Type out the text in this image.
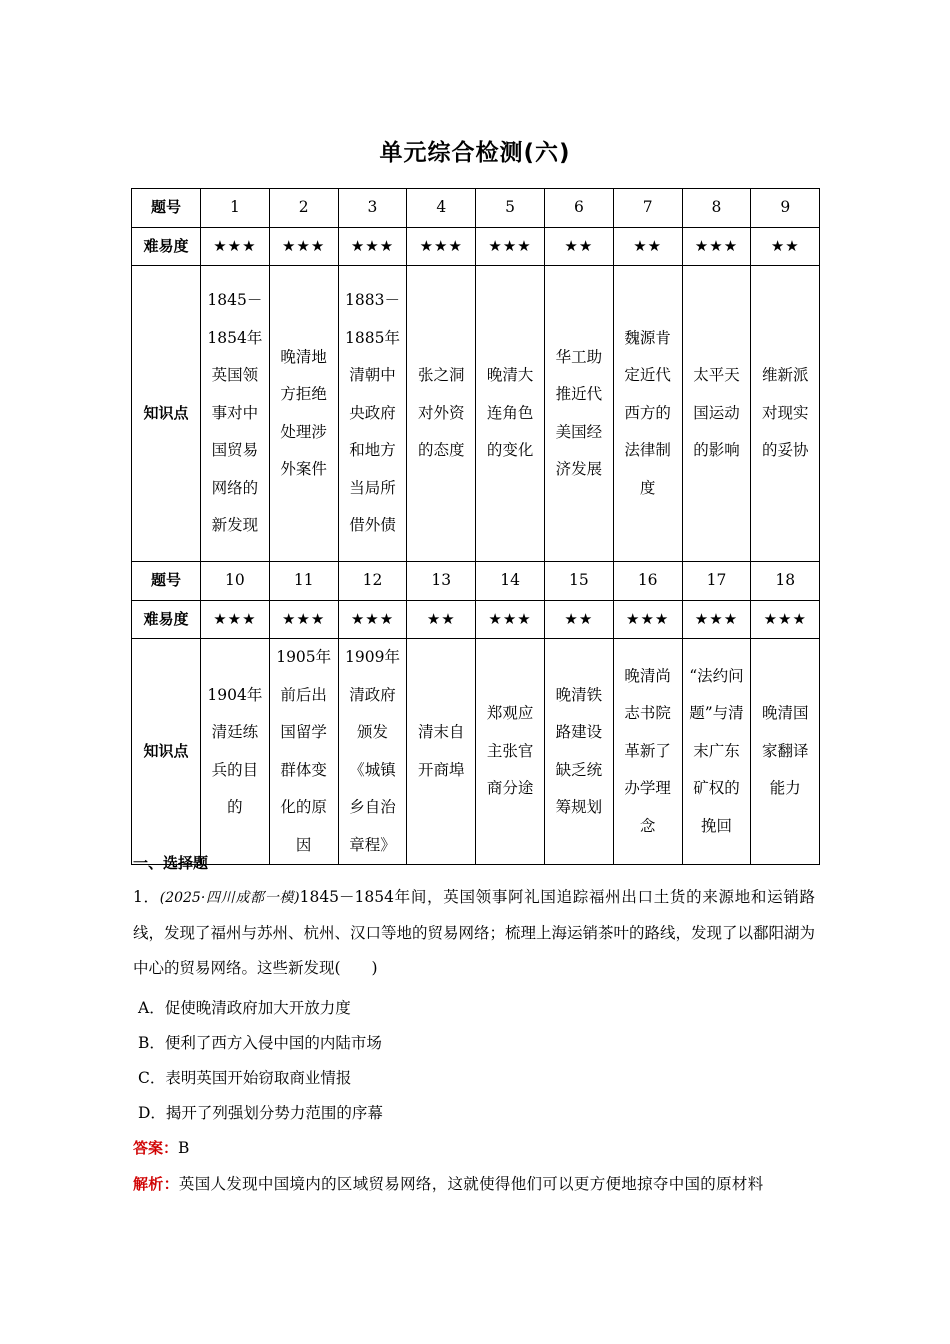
单元综合检测(六)
题号	1	2	3	4	5	6	7	8	9
难易度	★★★	★★★	★★★	★★★	★★★	★★	★★	★★★	★★
知识点	1845－1854年英国领事对中国贸易网络的新发现	晚清地方拒绝处理涉外案件	1883－1885年清朝中央政府和地方当局所借外债	张之洞对外资的态度	晚清大连角色的变化	华工助推近代美国经济发展	魏源肯定近代西方的法律制度	太平天国运动的影响	维新派对现实的妥协
题号	10	11	12	13	14	15	16	17	18
难易度	★★★	★★★	★★★	★★	★★★	★★	★★★	★★★	★★★
知识点	1904年清廷练兵的目的	1905年前后出国留学群体变化的原因	1909年清政府颁发《城镇乡自治章程》	清末自开商埠	郑观应主张官商分途	晚清铁路建设缺乏统筹规划	晚清尚志书院革新了办学理念	“法约问题”与清末广东矿权的挽回	晚清国家翻译能力
一、选择题
1．(2025·四川成都一模)1845－1854年间，英国领事阿礼国追踪福州出口土货的来源地和运销路线，发现了福州与苏州、杭州、汉口等地的贸易网络；梳理上海运销茶叶的路线，发现了以鄱阳湖为中心的贸易网络。这些新发现(　　)
A．促使晚清政府加大开放力度
B．便利了西方入侵中国的内陆市场
C．表明英国开始窃取商业情报
D．揭开了列强划分势力范围的序幕
答案：B
解析：英国人发现中国境内的区域贸易网络，这就使得他们可以更方便地掠夺中国的原材料
